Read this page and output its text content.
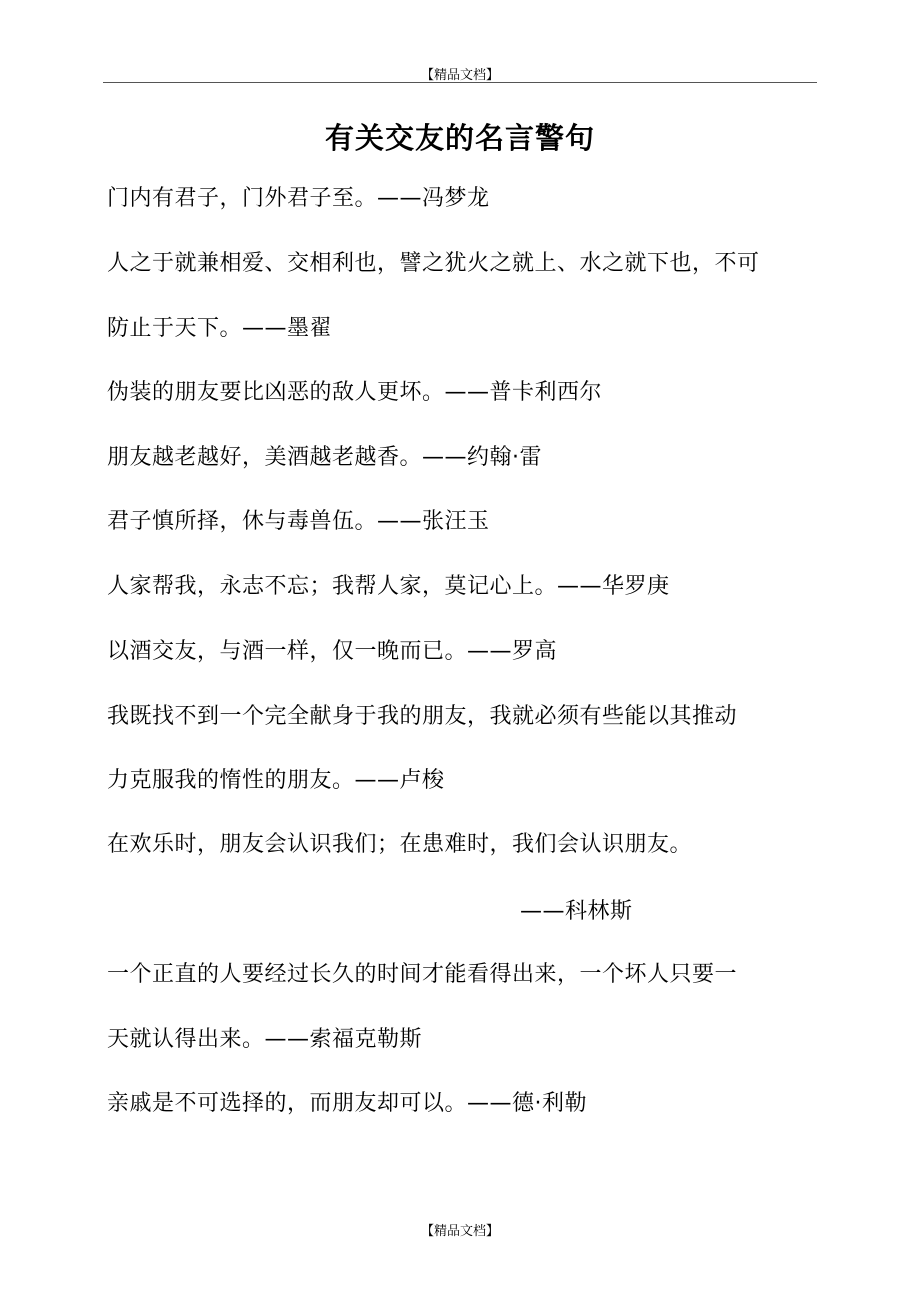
【精品文档】
有关交友的名言警句
门内有君子，门外君子至。——冯梦龙
人之于就兼相爱、交相利也，譬之犹火之就上、水之就下也，不可
防止于天下。——墨翟
伪装的朋友要比凶恶的敌人更坏。——普卡利西尔
朋友越老越好，美酒越老越香。——约翰·雷
君子慎所择，休与毒兽伍。——张汪玉
人家帮我，永志不忘；我帮人家，莫记心上。——华罗庚
以酒交友，与酒一样，仅一晚而已。——罗高
我既找不到一个完全献身于我的朋友，我就必须有些能以其推动
力克服我的惰性的朋友。——卢梭
在欢乐时，朋友会认识我们；在患难时，我们会认识朋友。
——科林斯
一个正直的人要经过长久的时间才能看得出来，一个坏人只要一
天就认得出来。——索福克勒斯
亲戚是不可选择的，而朋友却可以。——德·利勒
【精品文档】
